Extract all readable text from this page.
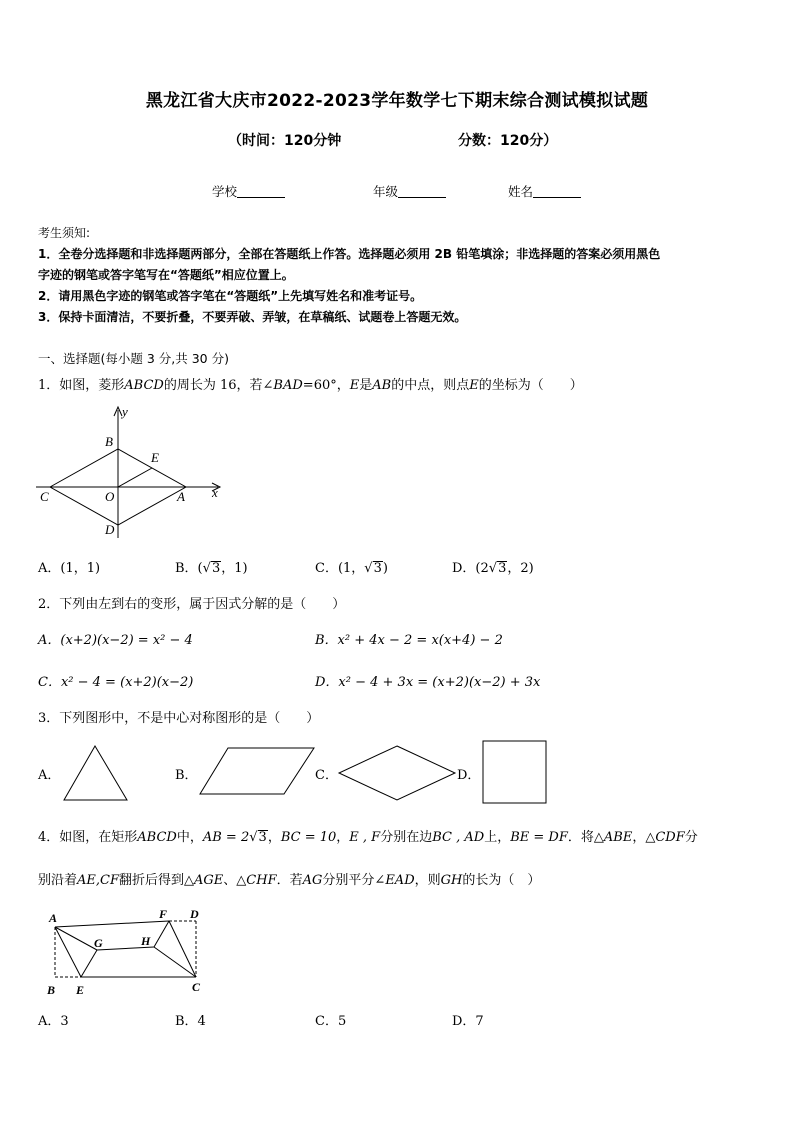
黑龙江省大庆市2022-2023学年数学七下期末综合测试模拟试题
（时间：120分钟	分数：120分）
学校	年级	姓名
考生须知:
1．全卷分选择题和非选择题两部分，全部在答题纸上作答。选择题必须用 2B 铅笔填涂；非选择题的答案必须用黑色
字迹的钢笔或答字笔写在“答题纸”相应位置上。
2．请用黑色字迹的钢笔或答字笔在“答题纸”上先填写姓名和准考证号。
3．保持卡面清洁，不要折叠，不要弄破、弄皱，在草稿纸、试题卷上答题无效。
一、选择题(每小题 3 分,共 30 分)
1．如图，菱形ABCD的周长为 16，若∠BAD=60°，E是AB的中点，则点E的坐标为（　　）
y
B
E
C	O	A x
D
A．(1，1)	B．(√3，1)	C．(1，√3)	D．(2√3，2)
2．下列由左到右的变形，属于因式分解的是（　　）
A．(x+2)(x−2) = x² − 4	B．x² + 4x − 2 = x(x+4) − 2
C．x² − 4 = (x+2)(x−2)	D．x² − 4 + 3x = (x+2)(x−2) + 3x
3．下列图形中，不是中心对称图形的是（　　）
A．	B．	C．	D．
4．如图，在矩形ABCD中，AB = 2√3，BC = 10，E , F分别在边BC , AD上，BE = DF．将△ABE，△CDF分
别沿着AE,CF翻折后得到△AGE、△CHF．若AG分别平分∠EAD，则GH的长为（　）
A	F D
G	H
B E	C
A．3	B．4	C．5	D．7
